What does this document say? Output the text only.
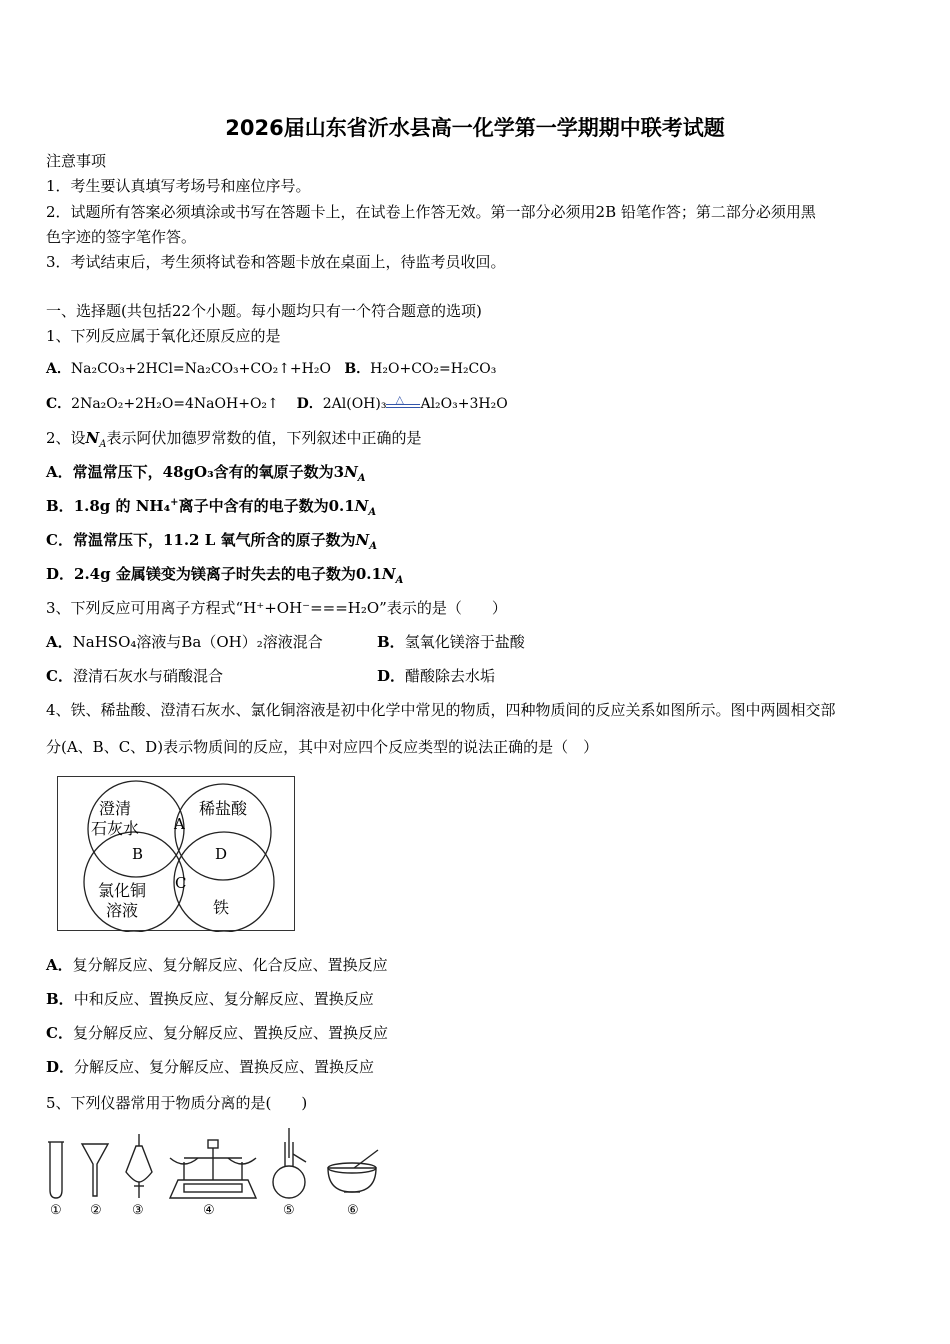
2026届山东省沂水县高一化学第一学期期中联考试题
注意事项
1．考生要认真填写考场号和座位序号。
2．试题所有答案必须填涂或书写在答题卡上，在试卷上作答无效。第一部分必须用2B 铅笔作答；第二部分必须用黑
色字迹的签字笔作答。
3．考试结束后，考生须将试卷和答题卡放在桌面上，待监考员收回。
一、选择题(共包括22个小题。每小题均只有一个符合题意的选项)
1、下列反应属于氧化还原反应的是
A．Na₂CO₃+2HCl=Na₂CO₃+CO₂↑+H₂O B．H₂O+CO₂=H₂CO₃
C．2Na₂O₂+2H₂O=4NaOH+O₂↑ D．2Al(OH)₃ △ Al₂O₃+3H₂O
2、设$N_A$表示阿伏加德罗常数的值，下列叙述中正确的是
A．常温常压下，48gO₃含有的氧原子数为$3N_A$
B．1.8g 的 NH₄+离子中含有的电子数为$0.1N_A$
C．常温常压下，11.2 L 氧气所含的原子数为$N_A$
D．2.4g 金属镁变为镁离子时失去的电子数为$0.1N_A$
3、下列反应可用离子方程式“H⁺+OH⁻===H₂O”表示的是（　　）
A．NaHSO₄溶液与Ba（OH）₂溶液混合	B．氢氧化镁溶于盐酸
C．澄清石灰水与硝酸混合	D．醋酸除去水垢
4、铁、稀盐酸、澄清石灰水、氯化铜溶液是初中化学中常见的物质，四种物质间的反应关系如图所示。图中两圆相交部
分(A、B、C、D)表示物质间的反应，其中对应四个反应类型的说法正确的是（　）
澄清
石灰水
稀盐酸
氯化铜
溶液	铁
A
B
C
D
A．复分解反应、复分解反应、化合反应、置换反应
B．中和反应、置换反应、复分解反应、置换反应
C．复分解反应、复分解反应、置换反应、置换反应
D．分解反应、复分解反应、置换反应、置换反应
5、下列仪器常用于物质分离的是(　　)
① ② ③	④	⑤	⑥
